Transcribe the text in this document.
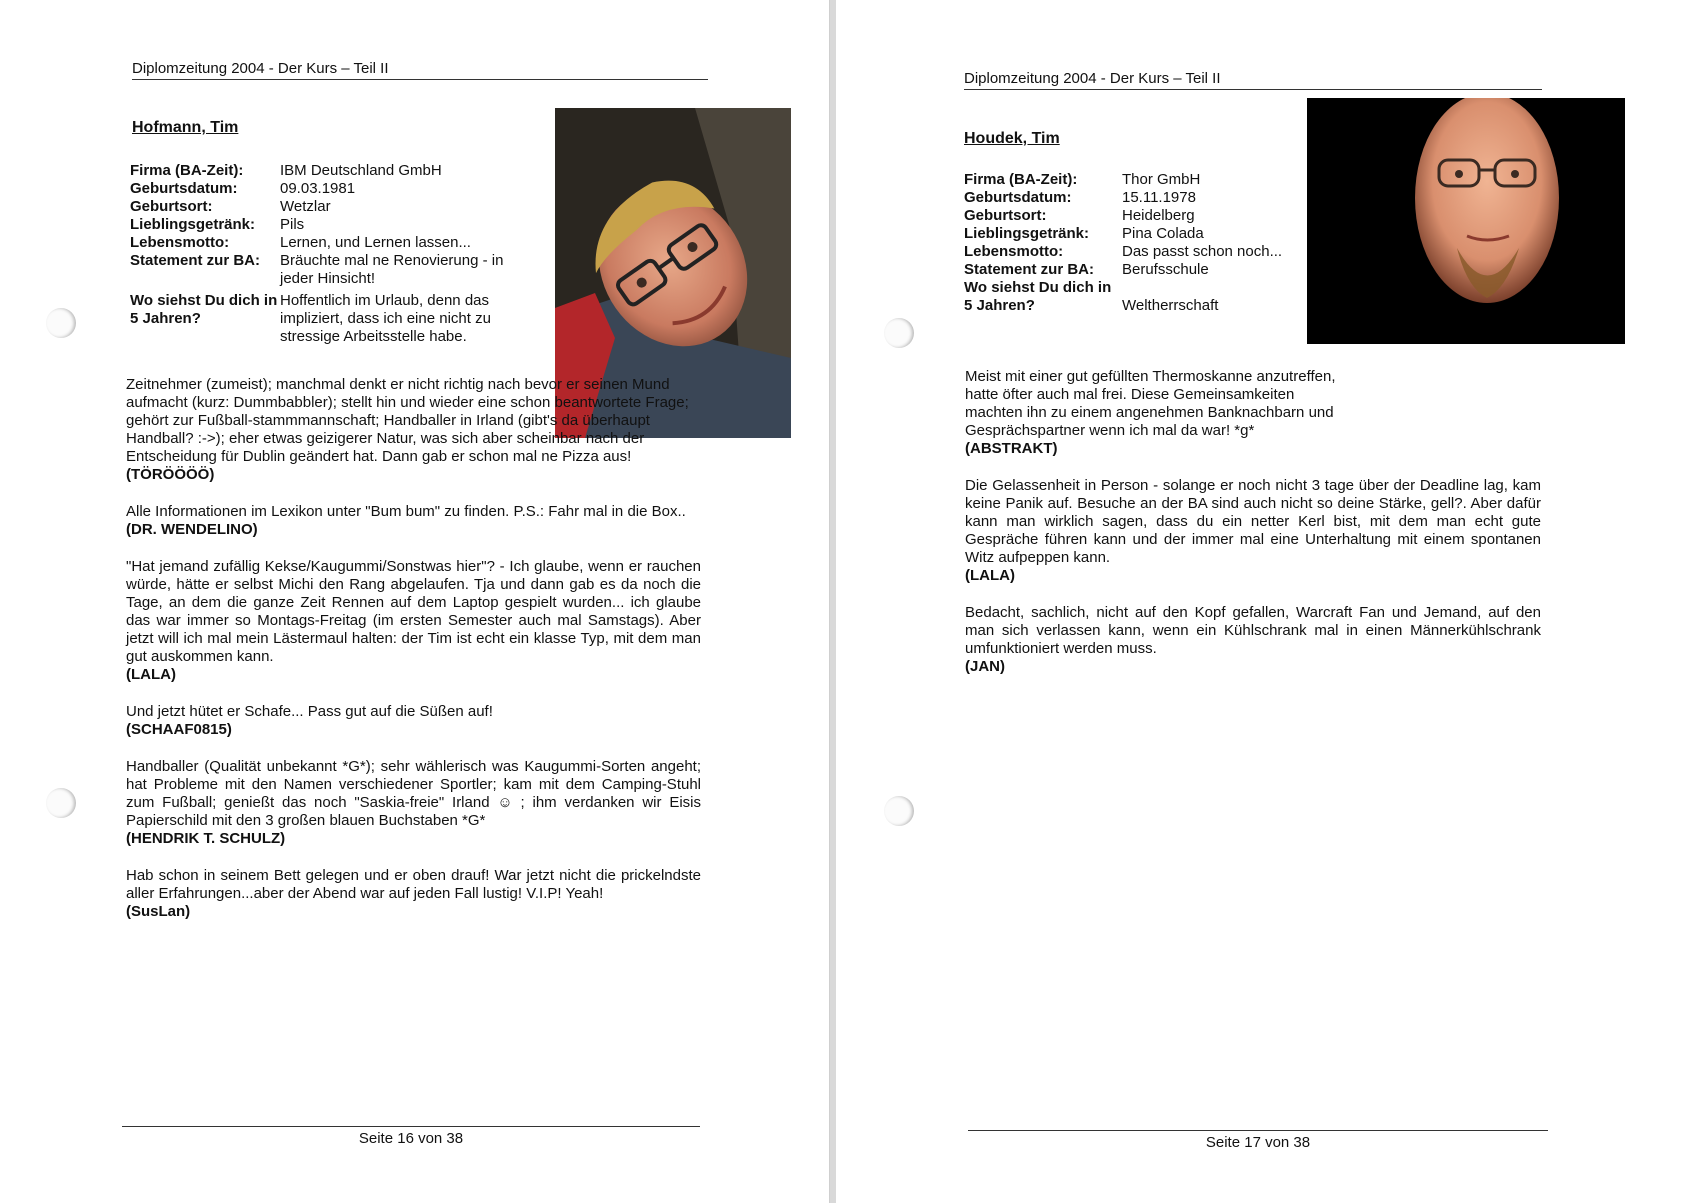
Diplomzeitung 2004 - Der Kurs – Teil II
Hofmann, Tim
Firma (BA-Zeit):	IBM Deutschland GmbH
Geburtsdatum:	09.03.1981
Geburtsort:	Wetzlar
Lieblingsgetränk:	Pils
Lebensmotto:	Lernen, und Lernen lassen...
Statement zur BA:	Bräuchte mal ne Renovierung - in jeder Hinsicht!
Wo siehst Du dich in 5 Jahren?	Hoffentlich im Urlaub, denn das impliziert, dass ich eine nicht zu stressige Arbeitsstelle habe.

Zeitnehmer (zumeist); manchmal denkt er nicht richtig nach bevor er seinen Mund aufmacht (kurz: Dummbabbler); stellt hin und wieder eine schon beantwortete Frage; gehört zur Fußball-stammmannschaft; Handballer in Irland (gibt's da überhaupt Handball? :->); eher etwas geizigerer Natur, was sich aber scheinbar nach der Entscheidung für Dublin geändert hat. Dann gab er schon mal ne Pizza aus!

(TÖRÖÖÖÖ)

Alle Informationen im Lexikon unter "Bum bum" zu finden. P.S.: Fahr mal in die Box..

(DR. WENDELINO)

"Hat jemand zufällig Kekse/Kaugummi/Sonstwas hier"? - Ich glaube, wenn er rauchen würde, hätte er selbst Michi den Rang abgelaufen. Tja und dann gab es da noch die Tage, an dem die ganze Zeit Rennen auf dem Laptop gespielt wurden... ich glaube das war immer so Montags-Freitag (im ersten Semester auch mal Samstags). Aber jetzt will ich mal mein Lästermaul halten: der Tim ist echt ein klasse Typ, mit dem man gut auskommen kann.

(LALA)

Und jetzt hütet er Schafe... Pass gut auf die Süßen auf!

(SCHAAF0815)

Handballer (Qualität unbekannt *G*); sehr wählerisch was Kaugummi-Sorten angeht; hat Probleme mit den Namen verschiedener Sportler; kam mit dem Camping-Stuhl zum Fußball; genießt das noch "Saskia-freie" Irland ☺ ; ihm verdanken wir Eisis Papierschild mit den 3 großen blauen Buchstaben *G*

(HENDRIK T. SCHULZ)

Hab schon in seinem Bett gelegen und er oben drauf! War jetzt nicht die prickelndste aller Erfahrungen...aber der Abend war auf jeden Fall lustig! V.I.P! Yeah!

(SusLan)

Seite 16 von 38
Diplomzeitung 2004 - Der Kurs – Teil II
Houdek, Tim
Firma (BA-Zeit):	Thor GmbH
Geburtsdatum:	15.11.1978
Geburtsort:	Heidelberg
Lieblingsgetränk:	Pina Colada
Lebensmotto:	Das passt schon noch...
Statement zur BA:	Berufsschule
Wo siehst Du dich in 5 Jahren?	Weltherrschaft

Meist mit einer gut gefüllten Thermoskanne anzutreffen, hatte öfter auch mal frei. Diese Gemeinsamkeiten machten ihn zu einem angenehmen Banknachbarn und Gesprächspartner wenn ich mal da war! *g*

(ABSTRAKT)

Die Gelassenheit in Person - solange er noch nicht 3 tage über der Deadline lag, kam keine Panik auf. Besuche an der BA sind auch nicht so deine Stärke, gell?. Aber dafür kann man wirklich sagen, dass du ein netter Kerl bist, mit dem man echt gute Gespräche führen kann und der immer mal eine Unterhaltung mit einem spontanen Witz aufpeppen kann.

(LALA)

Bedacht, sachlich, nicht auf den Kopf gefallen, Warcraft Fan und Jemand, auf den man sich verlassen kann, wenn ein Kühlschrank mal in einen Männerkühlschrank umfunktioniert werden muss.

(JAN)

Seite 17 von 38
